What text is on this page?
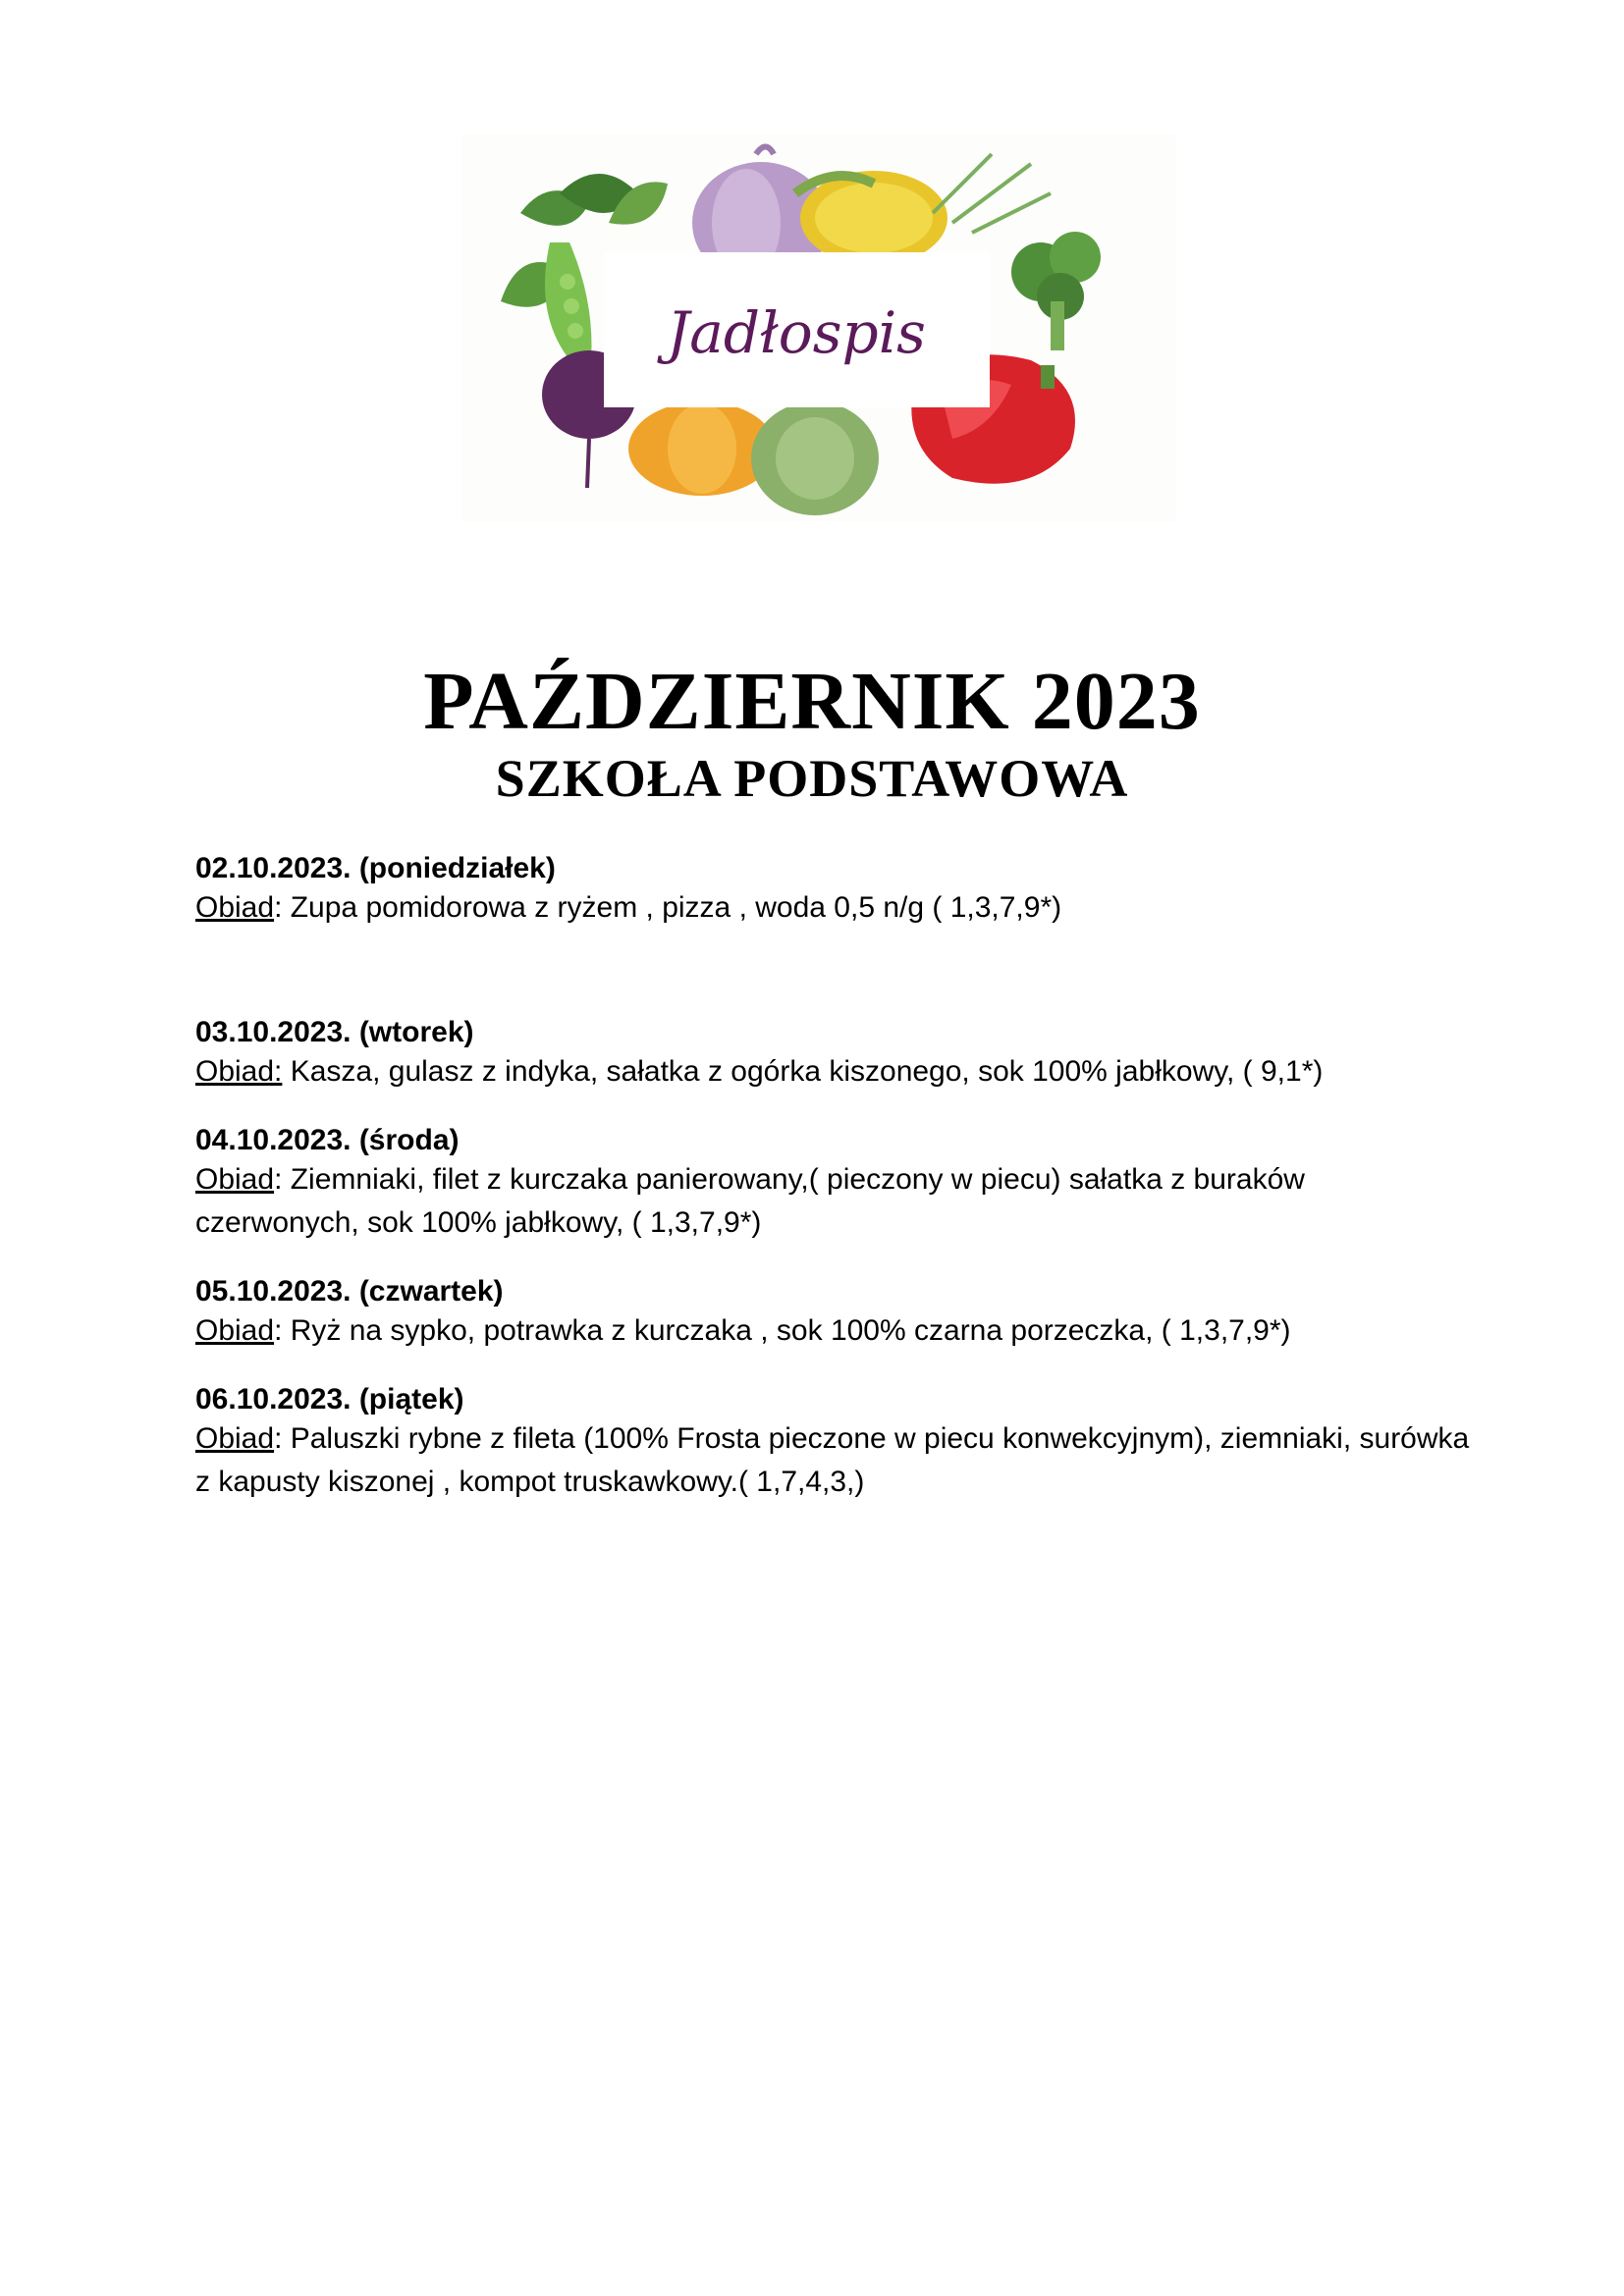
Jadłospis
PAŹDZIERNIK 2023
SZKOŁA PODSTAWOWA

02.10.2023. (poniedziałek)
Obiad: Zupa pomidorowa z ryżem , pizza , woda 0,5 n/g ( 1,3,7,9*)

03.10.2023. (wtorek)
Obiad: Kasza, gulasz z indyka, sałatka z ogórka kiszonego, sok 100% jabłkowy, ( 9,1*)

04.10.2023. (środa)
Obiad: Ziemniaki, filet z kurczaka panierowany,( pieczony w piecu) sałatka z buraków czerwonych, sok 100% jabłkowy, ( 1,3,7,9*)

05.10.2023. (czwartek)
Obiad: Ryż na sypko, potrawka z kurczaka , sok 100% czarna porzeczka, ( 1,3,7,9*)

06.10.2023. (piątek)
Obiad: Paluszki rybne z fileta (100% Frosta pieczone w piecu konwekcyjnym), ziemniaki, surówka z kapusty kiszonej , kompot truskawkowy.( 1,7,4,3,)
